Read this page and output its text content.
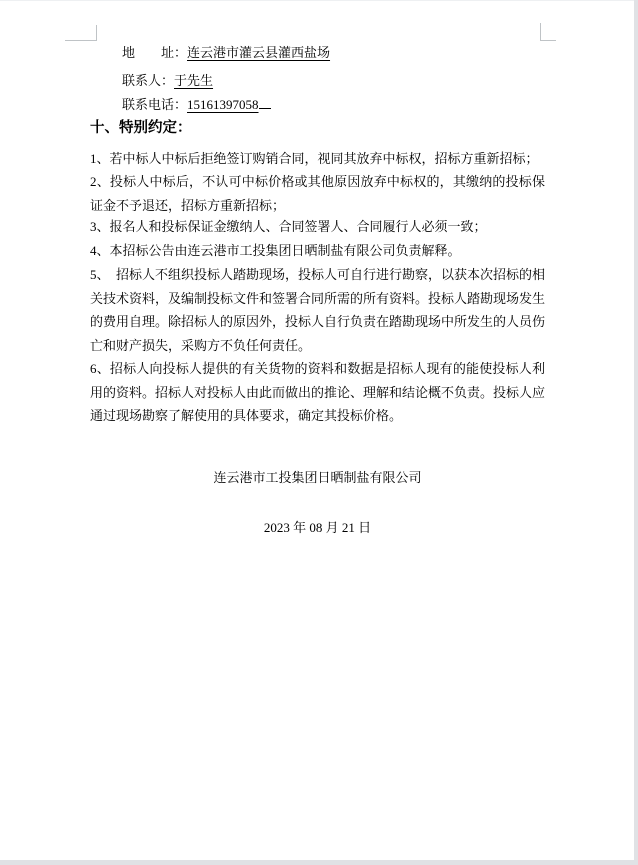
地　　址：连云港市灌云县灌西盐场
联系人：于先生
联系电话：15161397058
十、特别约定：
1、若中标人中标后拒绝签订购销合同，视同其放弃中标权，招标方重新招标；
2、投标人中标后，不认可中标价格或其他原因放弃中标权的，其缴纳的投标保证金不予退还，招标方重新招标；
3、报名人和投标保证金缴纳人、合同签署人、合同履行人必须一致；
4、本招标公告由连云港市工投集团日晒制盐有限公司负责解释。
5、　招标人不组织投标人踏勘现场，投标人可自行进行勘察，以获本次招标的相关技术资料，及编制投标文件和签署合同所需的所有资料。投标人踏勘现场发生的费用自理。除招标人的原因外，投标人自行负责在踏勘现场中所发生的人员伤亡和财产损失，采购方不负任何责任。
6、招标人向投标人提供的有关货物的资料和数据是招标人现有的能使投标人利用的资料。招标人对投标人由此而做出的推论、理解和结论概不负责。投标人应通过现场勘察了解使用的具体要求，确定其投标价格。
连云港市工投集团日晒制盐有限公司
2023 年 08 月 21 日
